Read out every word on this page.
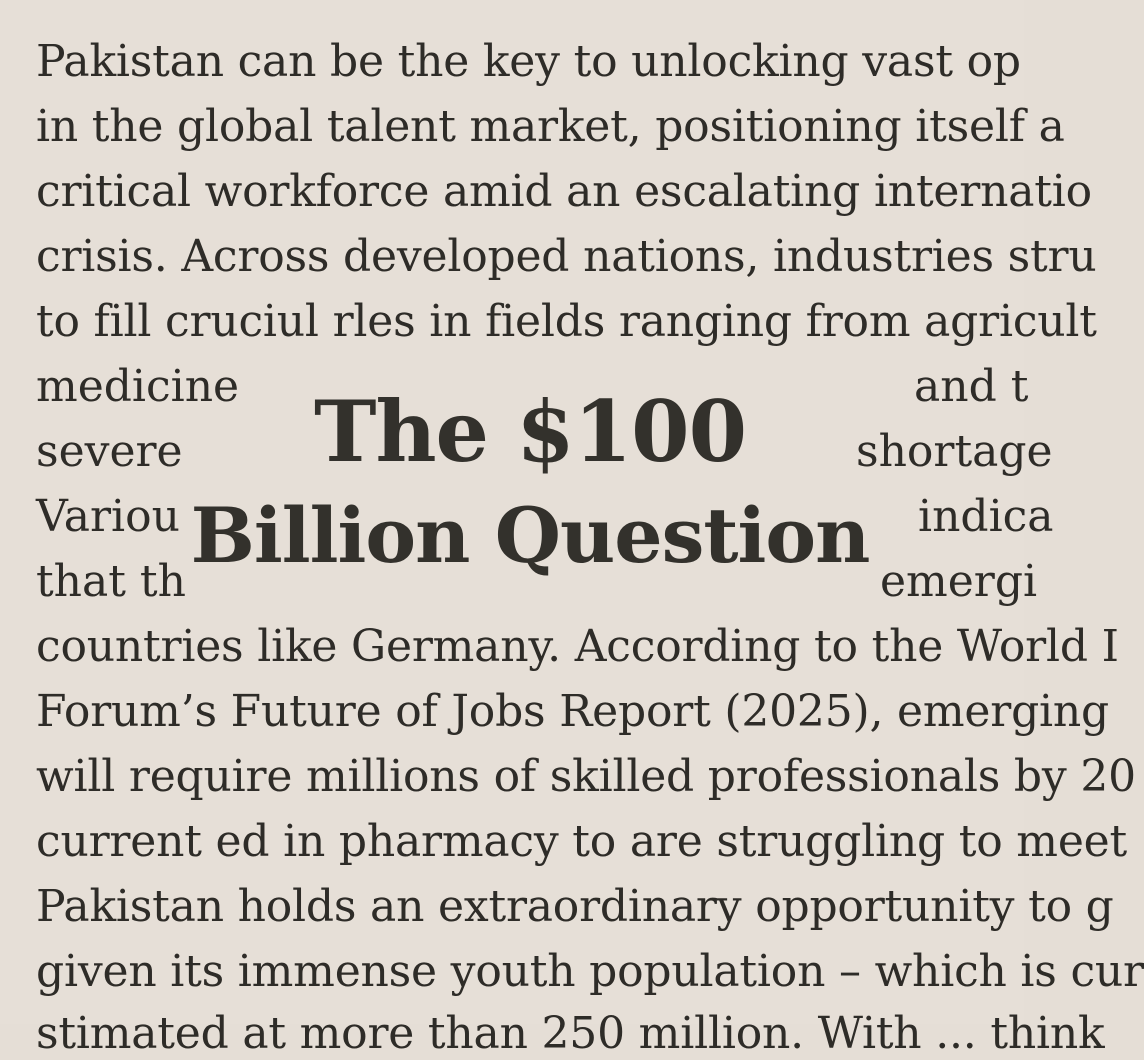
Pakistan can be the key to unlocking vast op
in the global talent market, positioning itself a
critical workforce amid an escalating internatio
crisis. Across developed nations, industries stru
to fill cruciul rles in fields ranging from agricult
medicine
severe
Variou
that th
and t
shortage
indica
emergi
The $100
Billion Question
countries like Germany. According to the World I
Forum’s Future of Jobs Report (2025), emerging
will require millions of skilled professionals by 20
current ed in pharmacy to are struggling to meet
Pakistan holds an extraordinary opportunity to g
given its immense youth population – which is cur
stimated at more than 250 million. With ... think
